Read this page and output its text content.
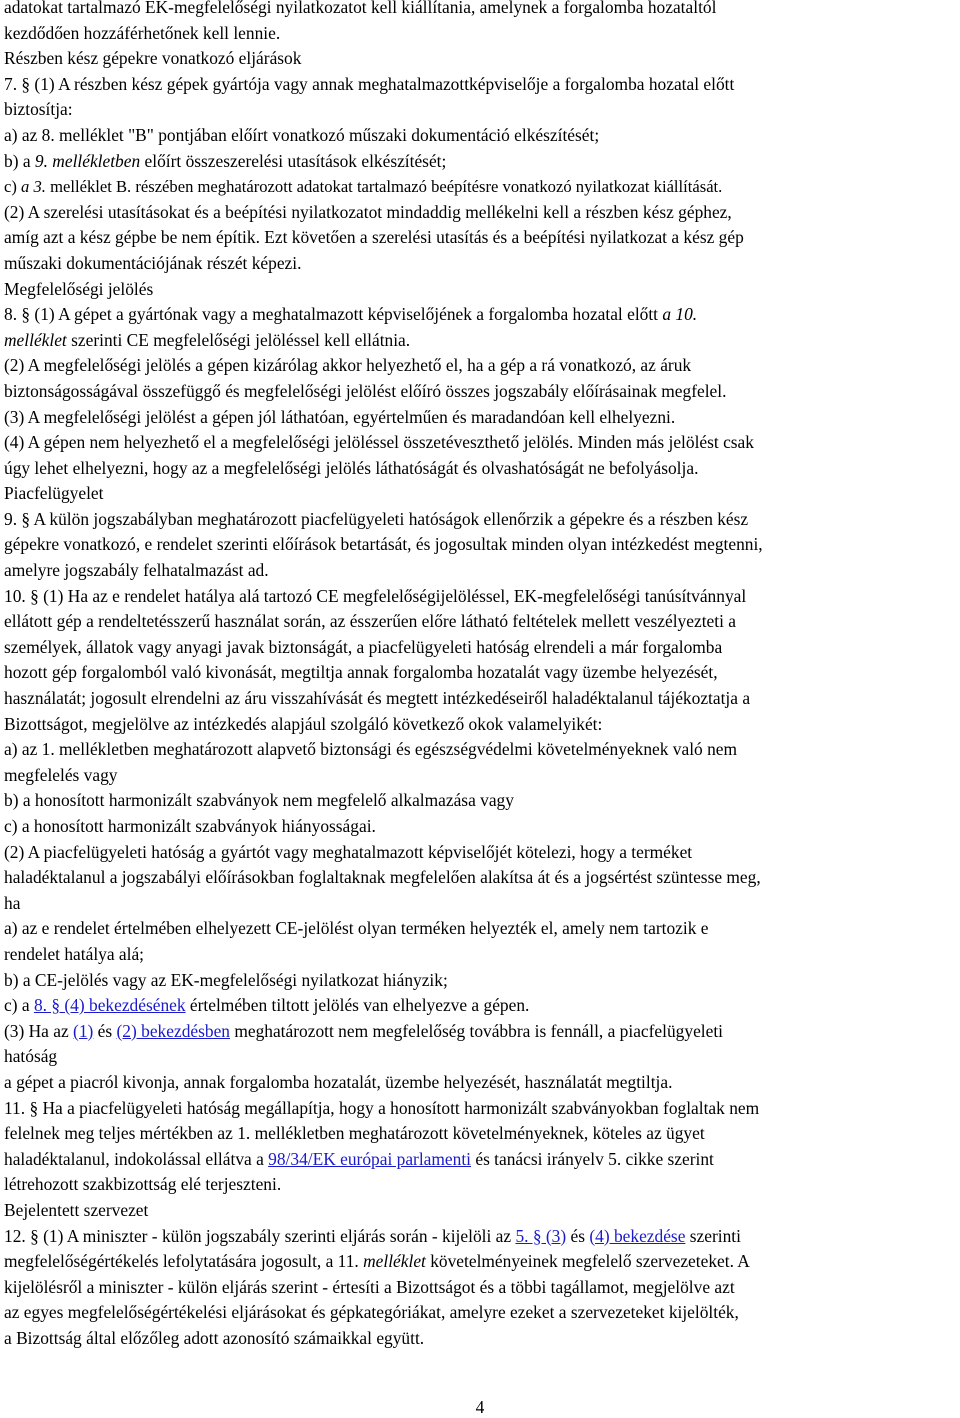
adatokat tartalmazó EK-megfelelőségi nyilatkozatot kell kiállítania, amelynek a forgalomba hozataltól
kezdődően hozzáférhetőnek kell lennie.
Részben kész gépekre vonatkozó eljárások
7. § (1) A részben kész gépek gyártója vagy annak meghatalmazottképviselője a forgalomba hozatal előtt
biztosítja:
a) az 8. melléklet "B" pontjában előírt vonatkozó műszaki dokumentáció elkészítését;
b) a 9. mellékletben előírt összeszerelési utasítások elkészítését;
c) a 3. melléklet B. részében meghatározott adatokat tartalmazó beépítésre vonatkozó nyilatkozat kiállítását.
(2) A szerelési utasításokat és a beépítési nyilatkozatot mindaddig mellékelni kell a részben kész géphez,
amíg azt a kész gépbe be nem építik. Ezt követően a szerelési utasítás és a beépítési nyilatkozat a kész gép
műszaki dokumentációjának részét képezi.
Megfelelőségi jelölés
8. § (1) A gépet a gyártónak vagy a meghatalmazott képviselőjének a forgalomba hozatal előtt a 10.
melléklet szerinti CE megfelelőségi jelöléssel kell ellátnia.
(2) A megfelelőségi jelölés a gépen kizárólag akkor helyezhető el, ha a gép a rá vonatkozó, az áruk
biztonságosságával összefüggő és megfelelőségi jelölést előíró összes jogszabály előírásainak megfelel.
(3) A megfelelőségi jelölést a gépen jól láthatóan, egyértelműen és maradandóan kell elhelyezni.
(4) A gépen nem helyezhető el a megfelelőségi jelöléssel összetéveszthető jelölés. Minden más jelölést csak
úgy lehet elhelyezni, hogy az a megfelelőségi jelölés láthatóságát és olvashatóságát ne befolyásolja.
Piacfelügyelet
9. § A külön jogszabályban meghatározott piacfelügyeleti hatóságok ellenőrzik a gépekre és a részben kész
gépekre vonatkozó, e rendelet szerinti előírások betartását, és jogosultak minden olyan intézkedést megtenni,
amelyre jogszabály felhatalmazást ad.
10. § (1) Ha az e rendelet hatálya alá tartozó CE megfelelőségijelöléssel, EK-megfelelőségi tanúsítvánnyal
ellátott gép a rendeltetésszerű használat során, az ésszerűen előre látható feltételek mellett veszélyezteti a
személyek, állatok vagy anyagi javak biztonságát, a piacfelügyeleti hatóság elrendeli a már forgalomba
hozott gép forgalomból való kivonását, megtiltja annak forgalomba hozatalát vagy üzembe helyezését,
használatát; jogosult elrendelni az áru visszahívását és megtett intézkedéseiről haladéktalanul tájékoztatja a
Bizottságot, megjelölve az intézkedés alapjául szolgáló következő okok valamelyikét:
a) az 1. mellékletben meghatározott alapvető biztonsági és egészségvédelmi követelményeknek való nem
megfelelés vagy
b) a honosított harmonizált szabványok nem megfelelő alkalmazása vagy
c) a honosított harmonizált szabványok hiányosságai.
(2) A piacfelügyeleti hatóság a gyártót vagy meghatalmazott képviselőjét kötelezi, hogy a terméket
haladéktalanul a jogszabályi előírásokban foglaltaknak megfelelően alakítsa át és a jogsértést szüntesse meg,
ha
a) az e rendelet értelmében elhelyezett CE-jelölést olyan terméken helyezték el, amely nem tartozik e
rendelet hatálya alá;
b) a CE-jelölés vagy az EK-megfelelőségi nyilatkozat hiányzik;
c) a 8. § (4) bekezdésének értelmében tiltott jelölés van elhelyezve a gépen.
(3) Ha az (1) és (2) bekezdésben meghatározott nem megfelelőség továbbra is fennáll, a piacfelügyeleti
hatóság
a gépet a piacról kivonja, annak forgalomba hozatalát, üzembe helyezését, használatát megtiltja.
11. § Ha a piacfelügyeleti hatóság megállapítja, hogy a honosított harmonizált szabványokban foglaltak nem
felelnek meg teljes mértékben az 1. mellékletben meghatározott követelményeknek, köteles az ügyet
haladéktalanul, indokolással ellátva a 98/34/EK európai parlamenti és tanácsi irányelv 5. cikke szerint
létrehozott szakbizottság elé terjeszteni.
Bejelentett szervezet
12. § (1) A miniszter - külön jogszabály szerinti eljárás során - kijelöli az 5. § (3) és (4) bekezdése szerinti
megfelelőségértékelés lefolytatására jogosult, a 11. melléklet követelményeinek megfelelő szervezeteket. A
kijelölésről a miniszter - külön eljárás szerint - értesíti a Bizottságot és a többi tagállamot, megjelölve azt
az egyes megfelelőségértékelési eljárásokat és gépkategóriákat, amelyre ezeket a szervezeteket kijelölték,
a Bizottság által előzőleg adott azonosító számaikkal együtt.
4
